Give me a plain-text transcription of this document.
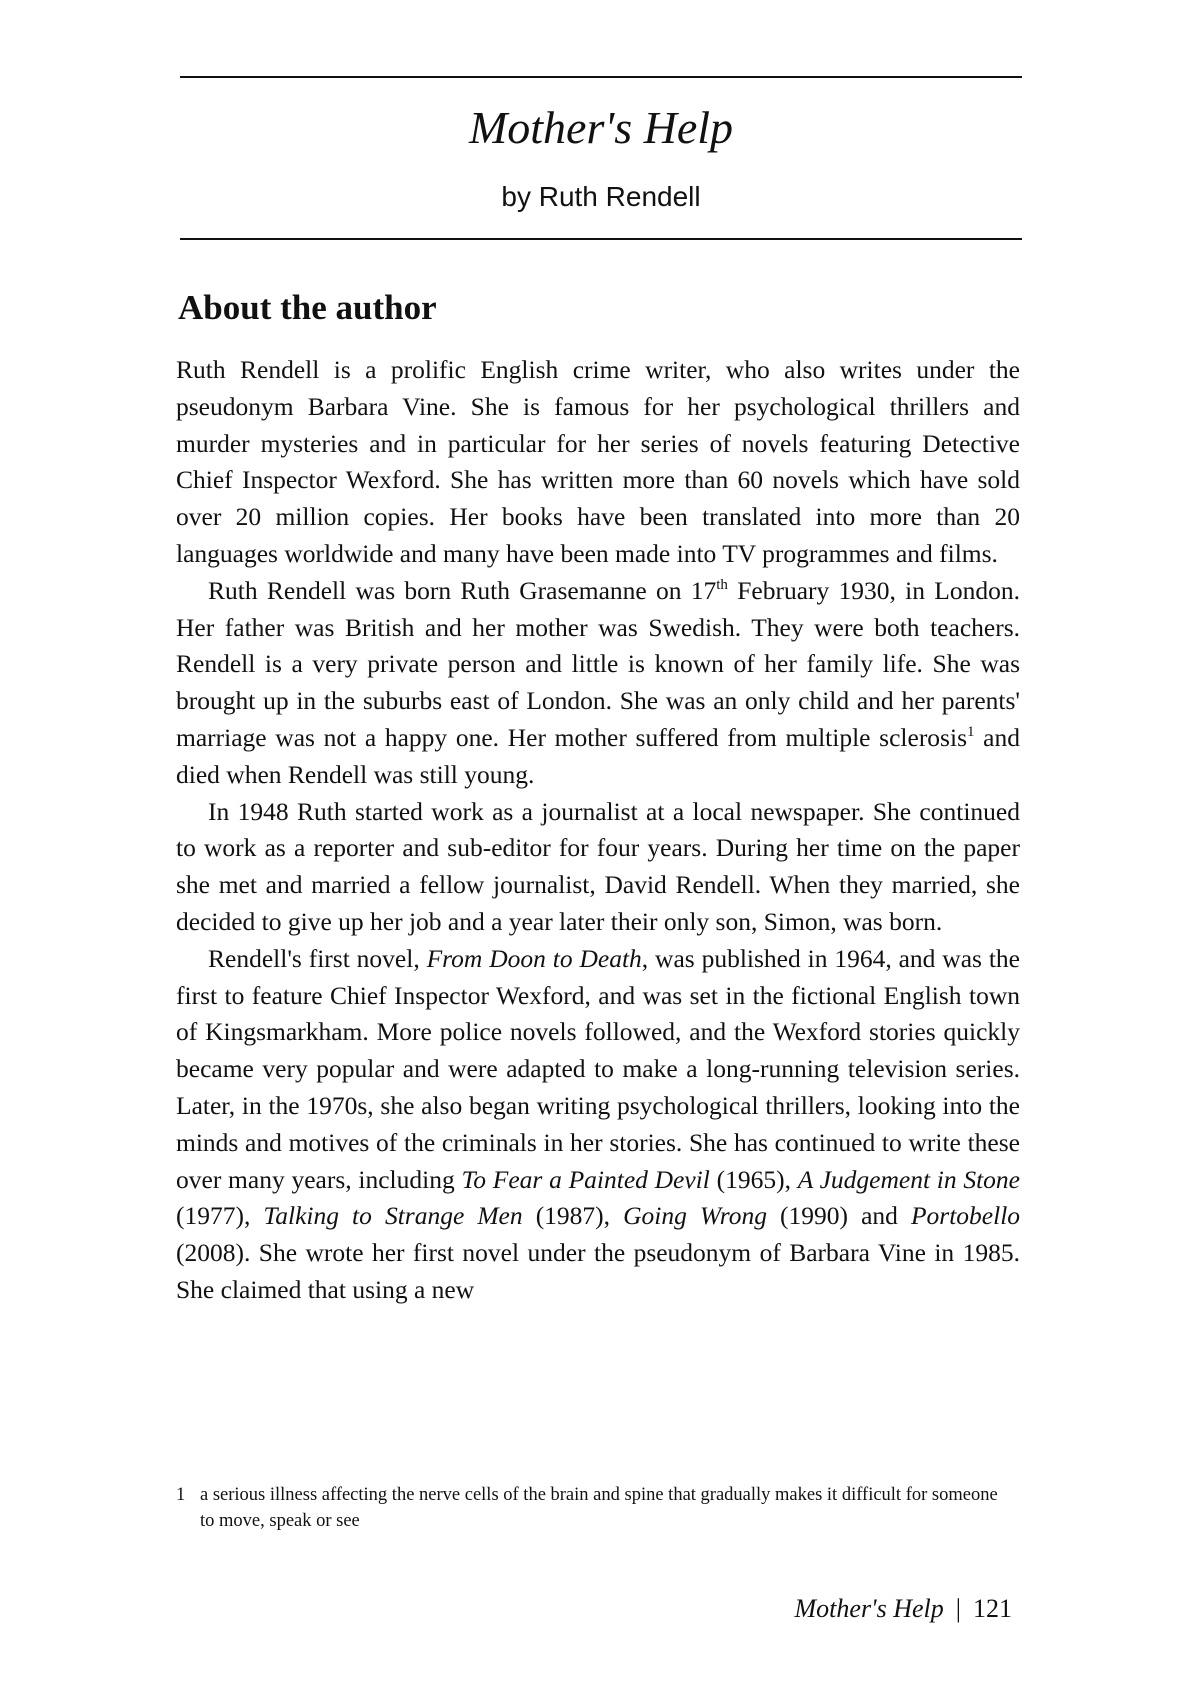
Mother's Help
by Ruth Rendell
About the author

Ruth Rendell is a prolific English crime writer, who also writes under the pseudonym Barbara Vine. She is famous for her psychological thrillers and murder mysteries and in particular for her series of novels featuring Detective Chief Inspector Wexford. She has written more than 60 novels which have sold over 20 million copies. Her books have been translated into more than 20 languages worldwide and many have been made into TV programmes and films.

Ruth Rendell was born Ruth Grasemanne on 17th February 1930, in London. Her father was British and her mother was Swedish. They were both teachers. Rendell is a very private person and little is known of her family life. She was brought up in the suburbs east of London. She was an only child and her parents' marriage was not a happy one. Her mother suffered from multiple sclerosis$^1$ and died when Rendell was still young.

In 1948 Ruth started work as a journalist at a local newspaper. She continued to work as a reporter and sub-editor for four years. During her time on the paper she met and married a fellow journalist, David Rendell. When they married, she decided to give up her job and a year later their only son, Simon, was born.

Rendell's first novel, From Doon to Death, was published in 1964, and was the first to feature Chief Inspector Wexford, and was set in the fictional English town of Kingsmarkham. More police novels followed, and the Wexford stories quickly became very popular and were adapted to make a long-running television series. Later, in the 1970s, she also began writing psychological thrillers, looking into the minds and motives of the criminals in her stories. She has continued to write these over many years, including To Fear a Painted Devil (1965), A Judgement in Stone (1977), Talking to Strange Men (1987), Going Wrong (1990) and Portobello (2008). She wrote her first novel under the pseudonym of Barbara Vine in 1985. She claimed that using a new

1 a serious illness affecting the nerve cells of the brain and spine that gradually makes it difficult for someone to move, speak or see
Mother's Help | 121
